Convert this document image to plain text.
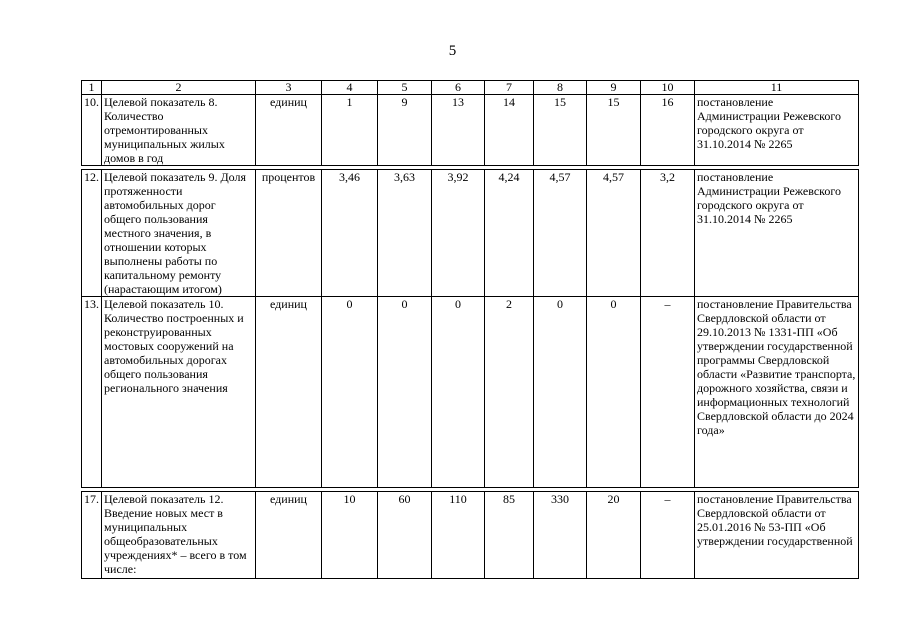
5
1	2	3	4	5	6	7	8	9	10	11
10.	Целевой показатель 8. Количество отремонтированных муниципальных жилых домов в год	единиц	1	9	13	14	15	15	16	постановление Администрации Режевского городского округа от 31.10.2014 № 2265

12.	Целевой показатель 9. Доля протяженности автомобильных дорог общего пользования местного значения, в отношении которых выполнены работы по капитальному ремонту (нарастающим итогом)	процентов	3,46	3,63	3,92	4,24	4,57	4,57	3,2	постановление Администрации Режевского городского округа от 31.10.2014 № 2265
13.	Целевой показатель 10. Количество построенных и реконструированных мостовых сооружений на автомобильных дорогах общего пользования регионального значения	единиц	0	0	0	2	0	0	–	постановление Правительства Свердловской области от 29.10.2013 № 1331-ПП «Об утверждении государственной программы Свердловской области «Развитие транспорта, дорожного хозяйства, связи и информационных технологий Свердловской области до 2024 года»

17.	Целевой показатель 12. Введение новых мест в муниципальных общеобразовательных учреждениях* – всего в том числе:	единиц	10	60	110	85	330	20	–	постановление Правительства Свердловской области от 25.01.2016 № 53-ПП «Об утверждении государственной
